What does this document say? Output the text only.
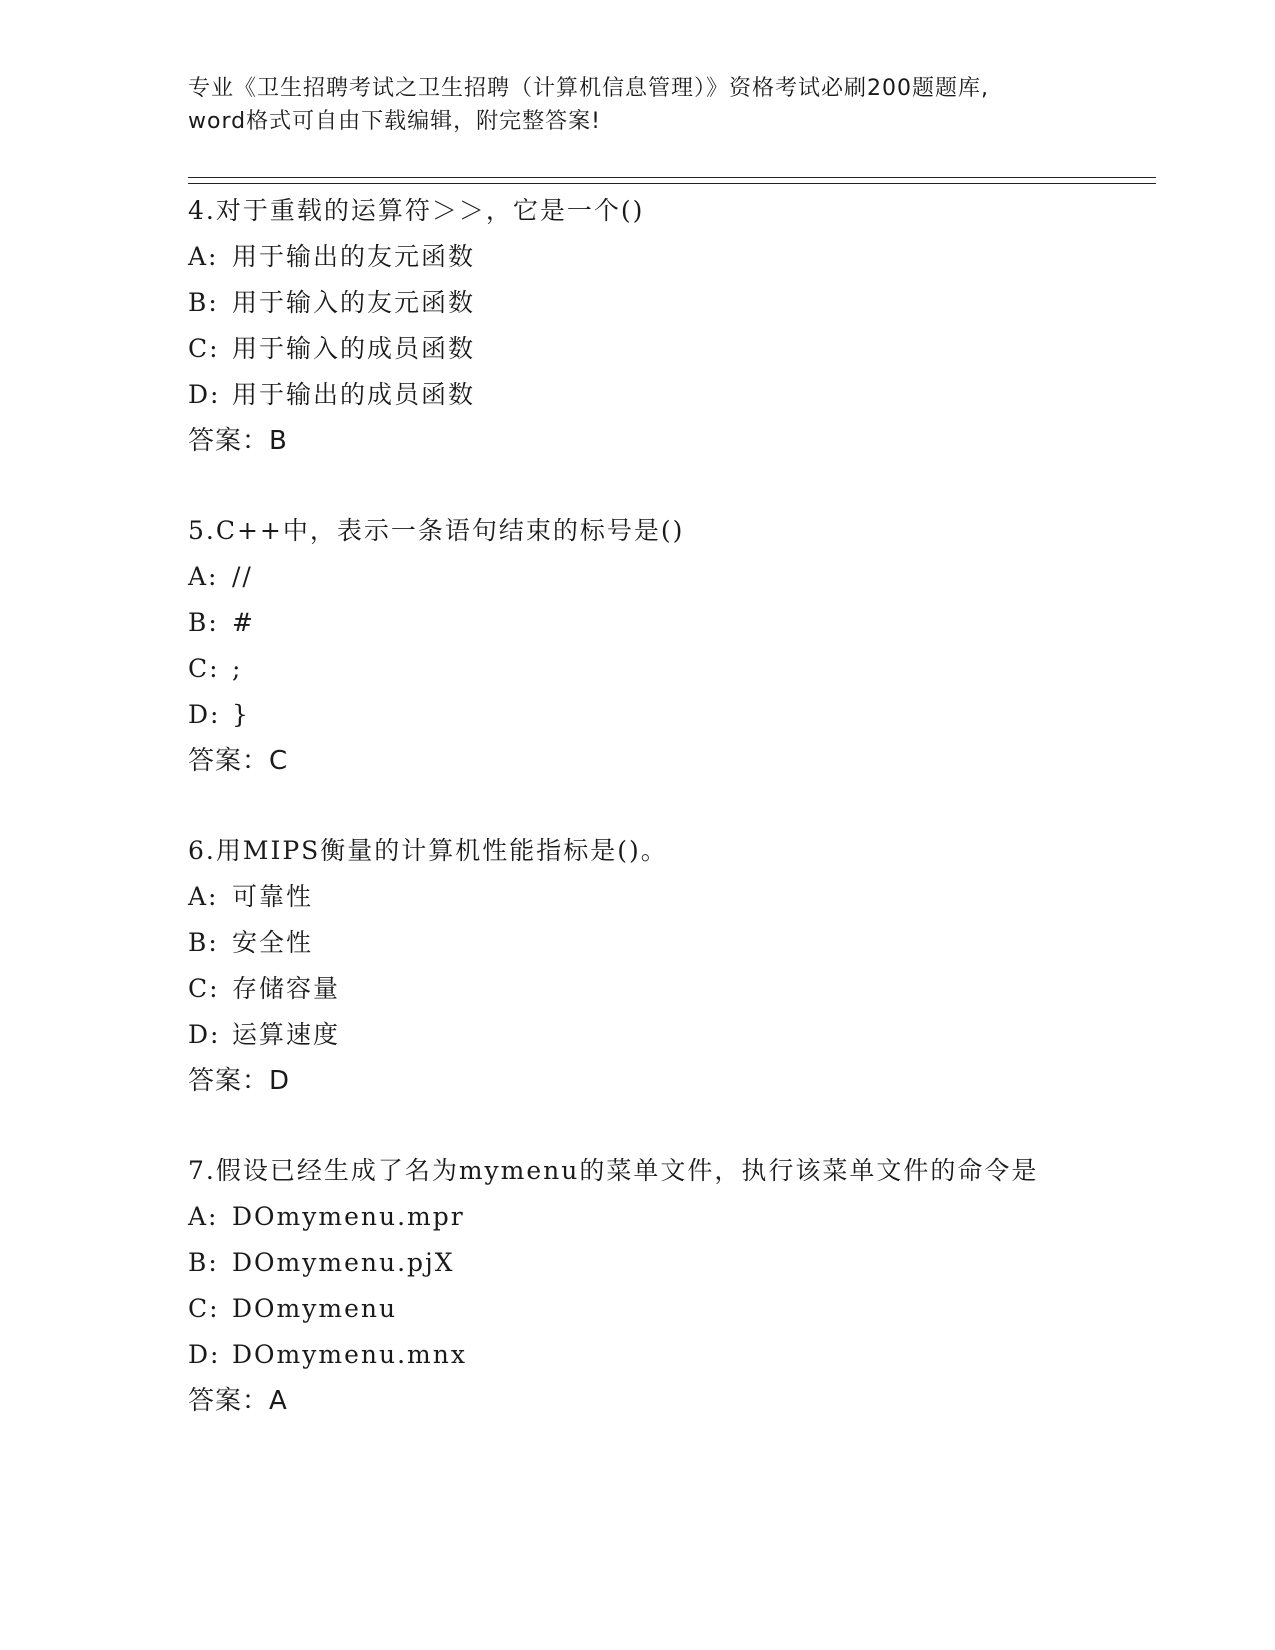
专业《卫生招聘考试之卫生招聘（计算机信息管理）》资格考试必刷200题题库,
word格式可自由下载编辑，附完整答案!
4.对于重载的运算符＞＞，它是一个()
A: 用于输出的友元函数
B: 用于输入的友元函数
C: 用于输入的成员函数
D: 用于输出的成员函数
答案：B
5.C++中，表示一条语句结束的标号是()
A: //
B: #
C: ;
D: }
答案：C
6.用MIPS衡量的计算机性能指标是()。
A: 可靠性
B: 安全性
C: 存储容量
D: 运算速度
答案：D
7.假设已经生成了名为mymenu的菜单文件，执行该菜单文件的命令是
A: DOmymenu.mpr
B: DOmymenu.pjX
C: DOmymenu
D: DOmymenu.mnx
答案：A
